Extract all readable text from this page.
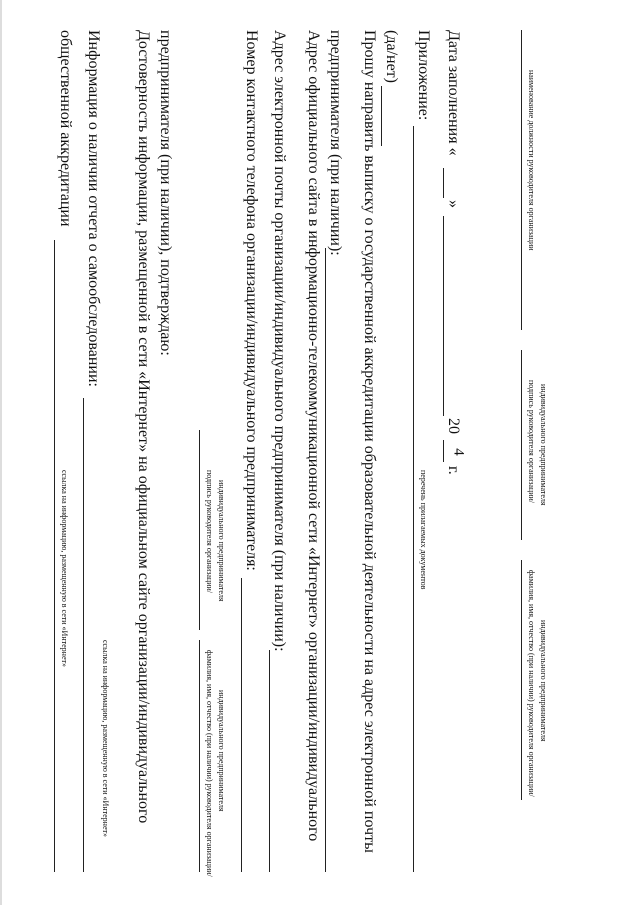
4
общественной аккредитации
ссылка на информацию, размещенную в сети «Интернет»
Информация о наличии отчета о самообследовании:
ссылка на информацию, размещенную в сети «Интернет» Достоверность информации, размещенной в сети «Интернет» на официальном сайте организации/индивидуального предпринимателя (при наличии), подтверждаю:
подпись руководителя организации/ индивидуального предпринимателя
фамилия, имя, отчество (при наличии) руководителя организации/ индивидуального предпринимателя
Номер контактного телефона организации/индивидуального предпринимателя: Адрес электронной почты организации/индивидуального предпринимателя (при наличии): Адрес официального сайта в информационно-телекоммуникационной сети «Интернет» организации/индивидуального предпринимателя (при наличии): Прошу направить выписку о государственной аккредитации образовательной деятельности на адрес электронной почты (да/нет) Приложение:
перечень прилагаемых документов
Дата заполнения «
»
20
г.
наименование должности руководителя организации
подпись руководителя организации/ индивидуального предпринимателя
фамилия, имя, отчество (при наличии) руководителя организации/ индивидуального предпринимателя
